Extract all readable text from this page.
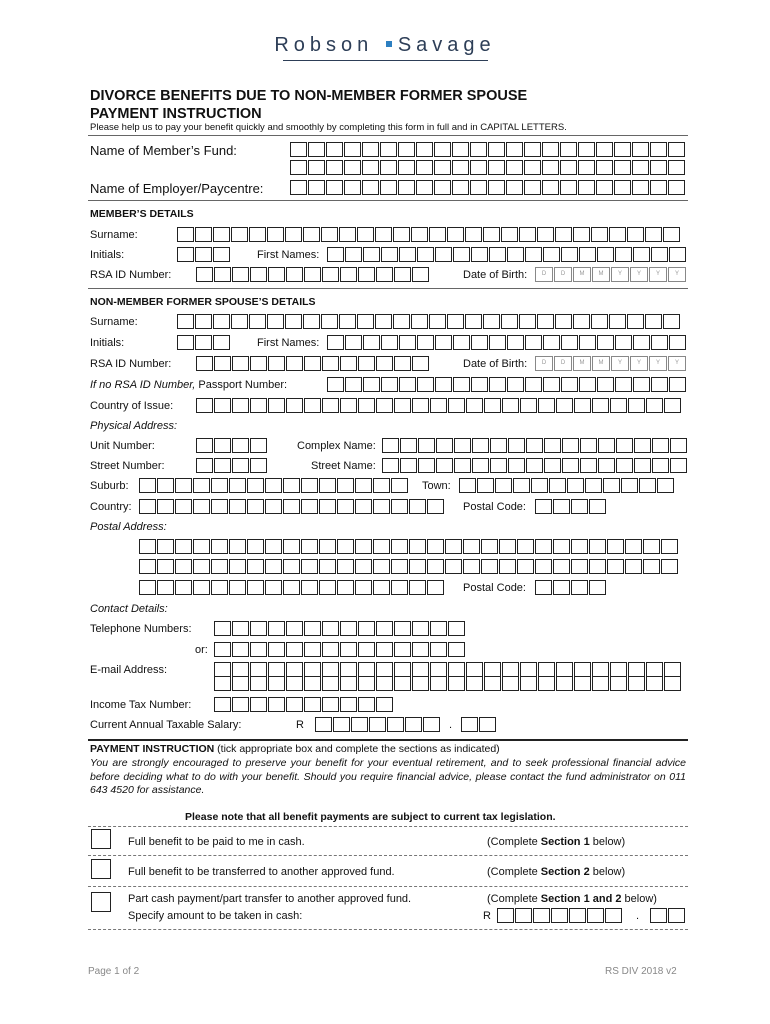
Robson Savage
DIVORCE BENEFITS DUE TO NON-MEMBER FORMER SPOUSE
PAYMENT INSTRUCTION
Please help us to pay your benefit quickly and smoothly by completing this form in full and in CAPITAL LETTERS.
Name of Member’s Fund:
Name of Employer/Paycentre:
MEMBER’S DETAILS
Surname:
Initials:	First Names:
RSA ID Number:	Date of Birth:	D	D	M	M	Y	Y	Y	Y
NON-MEMBER FORMER SPOUSE’S DETAILS
Surname:
Initials:	First Names:
RSA ID Number:	Date of Birth:	D	D	M	M	Y	Y	Y	Y
If no RSA ID Number, Passport Number:
Country of Issue:
Physical Address:
Unit Number:	Complex Name:
Street Number:	Street Name:
Suburb:	Town:
Country:	Postal Code:
Postal Address:
Postal Code:
Contact Details:
Telephone Numbers:
or:
E-mail Address:
Income Tax Number:
Current Annual Taxable Salary:	R	.
PAYMENT INSTRUCTION (tick appropriate box and complete the sections as indicated)
You are strongly encouraged to preserve your benefit for your eventual retirement, and to seek professional financial advice before deciding what to do with your benefit. Should you require financial advice, please contact the fund administrator on 011 643 4520 for assistance.
Please note that all benefit payments are subject to current tax legislation.
Full benefit to be paid to me in cash.	(Complete Section 1 below)
Full benefit to be transferred to another approved fund.	(Complete Section 2 below)
Part cash payment/part transfer to another approved fund.	(Complete Section 1 and 2 below)
Specify amount to be taken in cash:	R	.
Page 1 of 2	RS DIV 2018 v2
